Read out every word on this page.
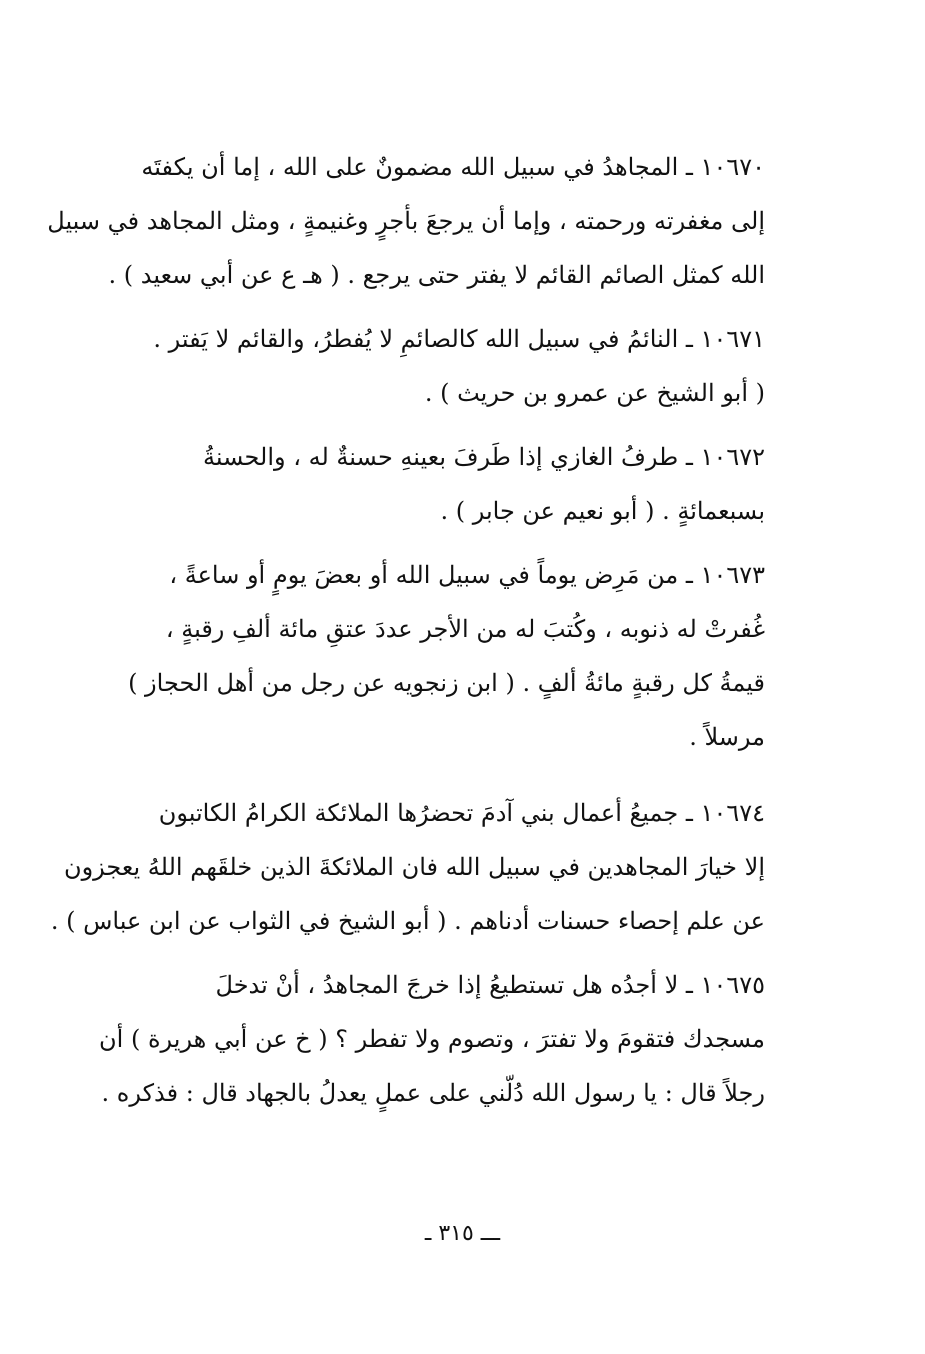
١٠٦٧٠ ـ المجاهدُ في سبيل الله مضمونٌ على الله ، إما أن يكفتَه
إلى مغفرته ورحمته ، وإما أن يرجعَ بأجرٍ وغنيمةٍ ، ومثل المجاهد في سبيل
الله كمثل الصائم القائم لا يفتر حتى يرجع . ( هـ ع عن أبي سعيد ) .
١٠٦٧١ ـ النائمُ في سبيل الله كالصائمِ لا يُفطرُ، والقائم لا يَفتر .
( أبو الشيخ عن عمرو بن حريث ) .
١٠٦٧٢ ـ طرفُ الغازي إذا طَرفَ بعينهِ حسنةٌ له ، والحسنةُ
بسبعمائةٍ . ( أبو نعيم عن جابر ) .
١٠٦٧٣ ـ من مَرِض يوماً في سبيل الله أو بعضَ يومٍ أو ساعةً ،
غُفرتْ له ذنوبه ، وكُتبَ له من الأجر عددَ عتقِ مائة ألفِ رقبةٍ ،
قيمةُ كل رقبةٍ مائةُ ألفٍ . ( ابن زنجويه عن رجل من أهل الحجاز )
مرسلاً .
١٠٦٧٤ ـ جميعُ أعمال بني آدمَ تحضرُها الملائكة الكرامُ الكاتبون
إلا خيارَ المجاهدين في سبيل الله فان الملائكةَ الذين خلقَهم اللهُ يعجزون
عن علم إحصاء حسنات أدناهم . ( أبو الشيخ في الثواب عن ابن عباس ) .
١٠٦٧٥ ـ لا أجدُه هل تستطيعُ إذا خرجَ المجاهدُ ، أنْ تدخلَ
مسجدك فتقومَ ولا تفترَ ، وتصوم ولا تفطر ؟ ( خ عن أبي هريرة ) أن
رجلاً قال : يا رسول الله دُلّني على عملٍ يعدلُ بالجهاد قال : فذكره .
ـــ ٣١٥ ـ
